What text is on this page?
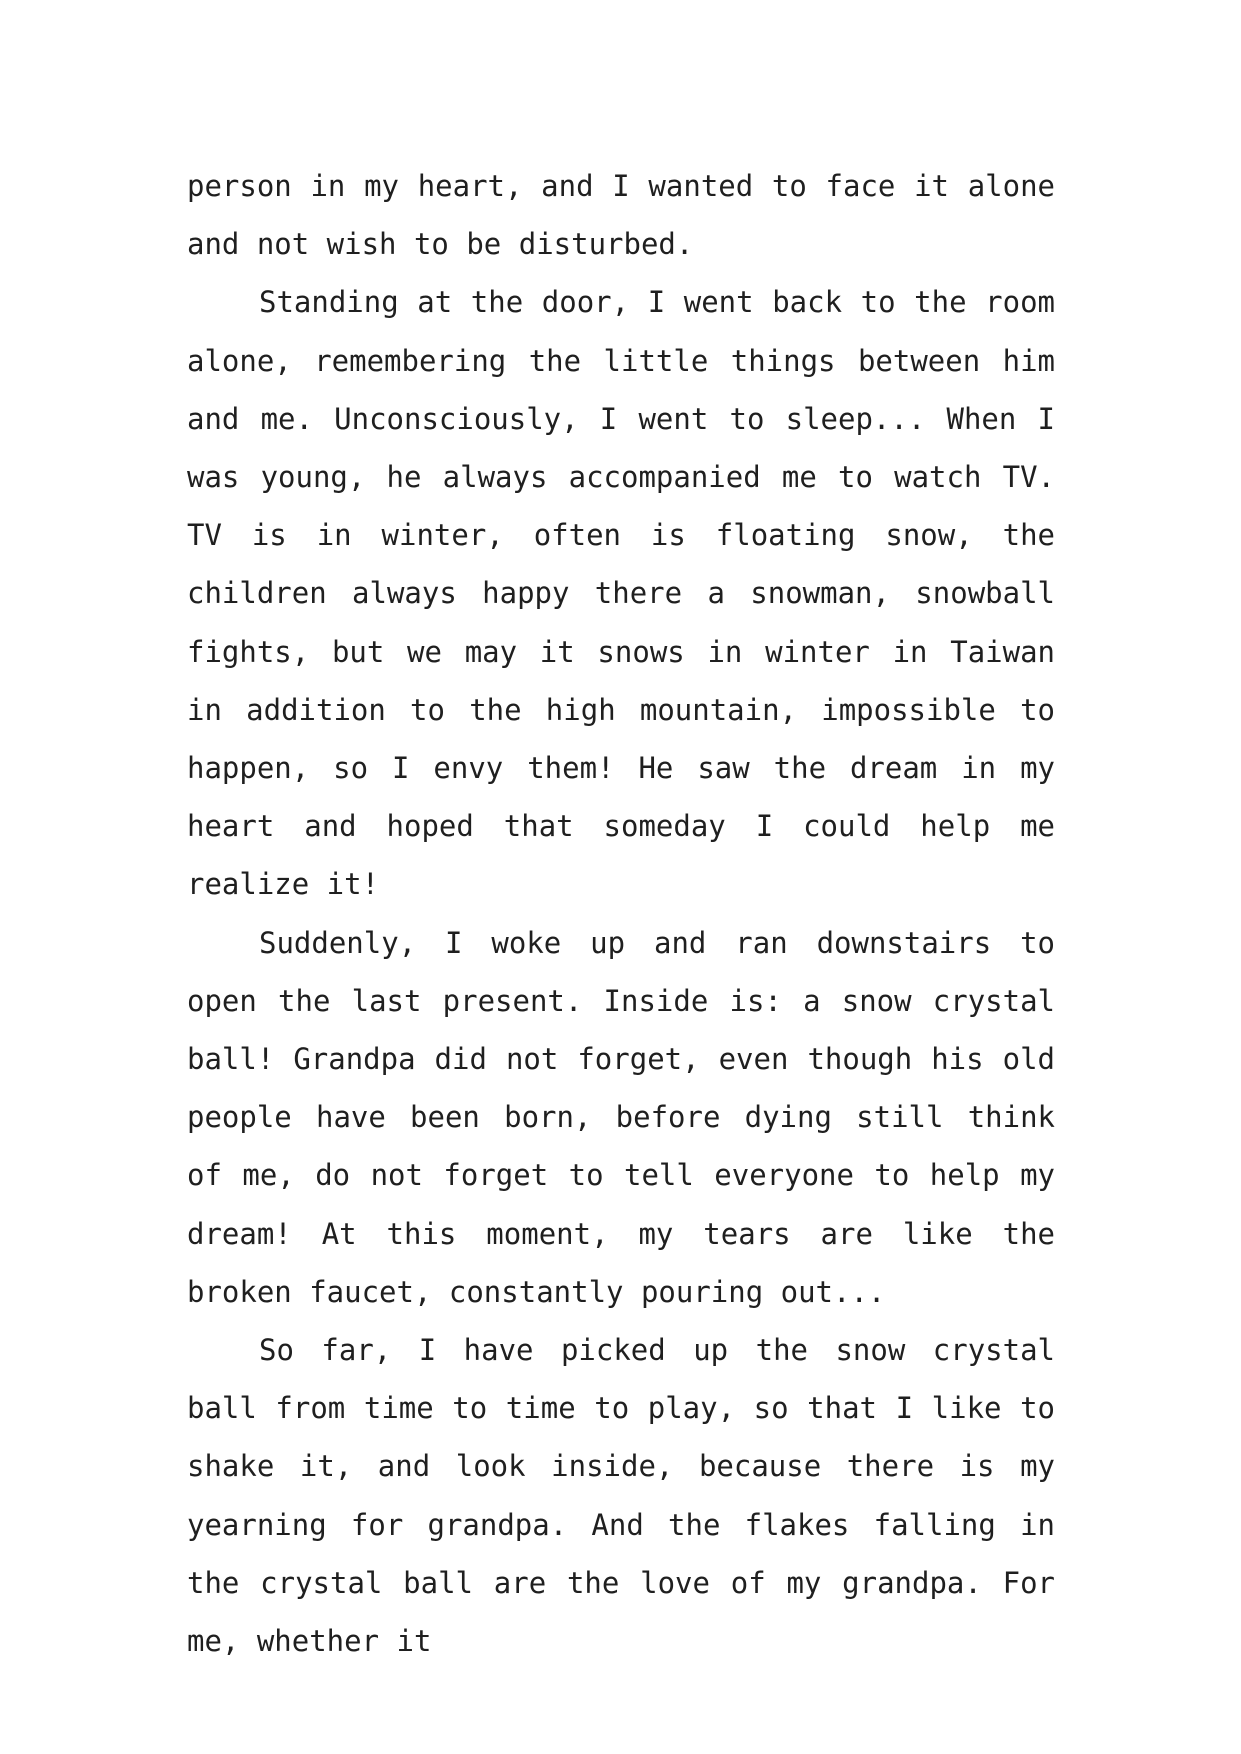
person in my heart, and I wanted to face it alone and not wish to be disturbed.

Standing at the door, I went back to the room alone, remembering the little things between him and me. Unconsciously, I went to sleep... When I was young, he always accompanied me to watch TV. TV is in winter, often is floating snow, the children always happy there a snowman, snowball fights, but we may it snows in winter in Taiwan in addition to the high mountain, impossible to happen, so I envy them! He saw the dream in my heart and hoped that someday I could help me realize it!

Suddenly, I woke up and ran downstairs to open the last present. Inside is: a snow crystal ball! Grandpa did not forget, even though his old people have been born, before dying still think of me, do not forget to tell everyone to help my dream! At this moment, my tears are like the broken faucet, constantly pouring out...

So far, I have picked up the snow crystal ball from time to time to play, so that I like to shake it, and look inside, because there is my yearning for grandpa. And the flakes falling in the crystal ball are the love of my grandpa. For me, whether it
